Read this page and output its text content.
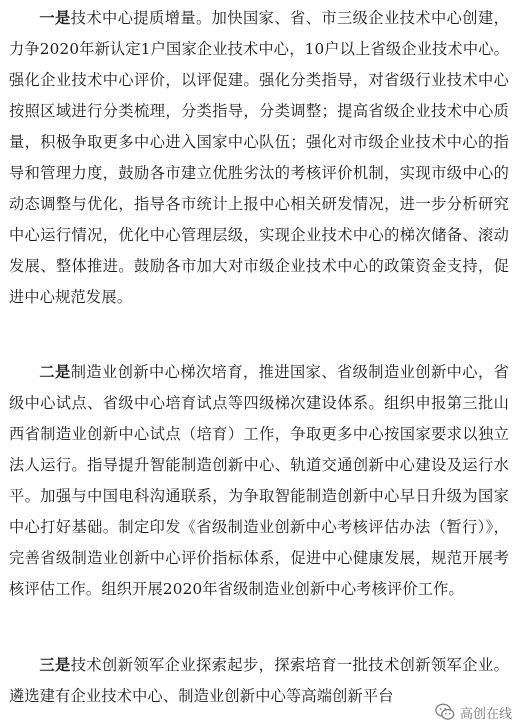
一是技术中心提质增量。加快国家、省、市三级企业技术中心创建，力争2020年新认定1户国家企业技术中心，10户以上省级企业技术中心。强化企业技术中心评价，以评促建。强化分类指导，对省级行业技术中心按照区域进行分类梳理，分类指导，分类调整；提高省级企业技术中心质量，积极争取更多中心进入国家中心队伍；强化对市级企业技术中心的指导和管理力度，鼓励各市建立优胜劣汰的考核评价机制，实现市级中心的动态调整与优化，指导各市统计上报中心相关研发情况，进一步分析研究中心运行情况，优化中心管理层级，实现企业技术中心的梯次储备、滚动发展、整体推进。鼓励各市加大对市级企业技术中心的政策资金支持，促进中心规范发展。

二是制造业创新中心梯次培育，推进国家、省级制造业创新中心，省级中心试点、省级中心培育试点等四级梯次建设体系。组织申报第三批山西省制造业创新中心试点（培育）工作，争取更多中心按国家要求以独立法人运行。指导提升智能制造创新中心、轨道交通创新中心建设及运行水平。加强与中国电科沟通联系，为争取智能制造创新中心早日升级为国家中心打好基础。制定印发《省级制造业创新中心考核评估办法（暂行）》，完善省级制造业创新中心评价指标体系，促进中心健康发展，规范开展考核评估工作。组织开展2020年省级制造业创新中心考核评价工作。

三是技术创新领军企业探索起步，探索培育一批技术创新领军企业。遴选建有企业技术中心、制造业创新中心等高端创新平台

高创在线
